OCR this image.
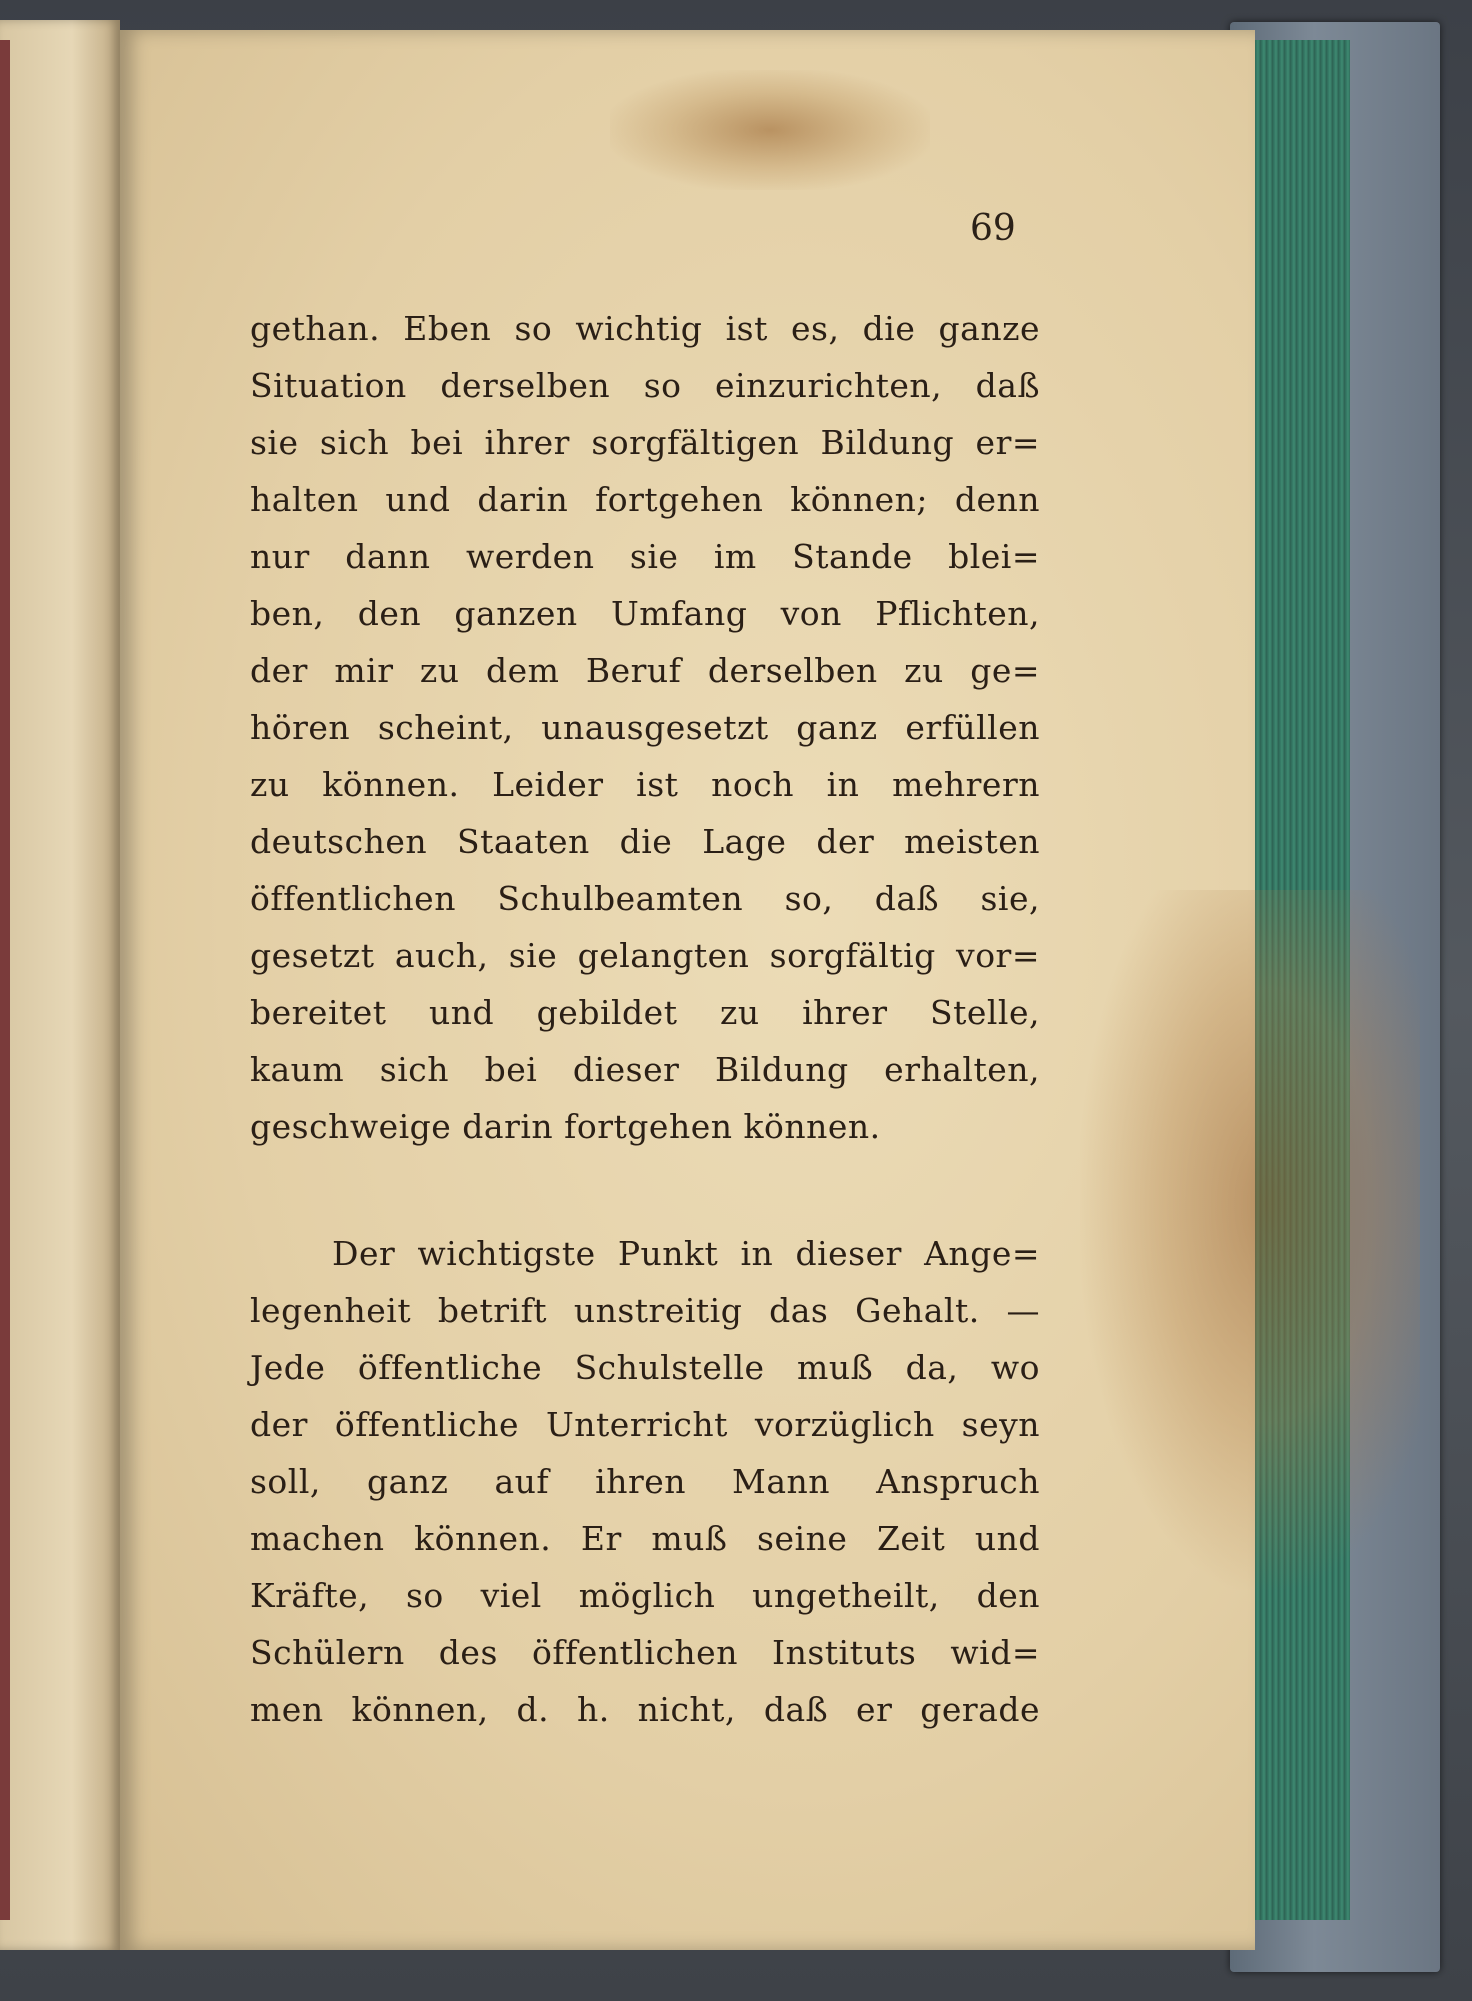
69
gethan. Eben so wichtig ist es, die ganze
Situation derselben so einzurichten, daß
sie sich bei ihrer sorgfältigen Bildung er=
halten und darin fortgehen können; denn
nur dann werden sie im Stande blei=
ben, den ganzen Umfang von Pflichten,
der mir zu dem Beruf derselben zu ge=
hören scheint, unausgesetzt ganz erfüllen
zu können. Leider ist noch in mehrern
deutschen Staaten die Lage der meisten
öffentlichen Schulbeamten so, daß sie,
gesetzt auch, sie gelangten sorgfältig vor=
bereitet und gebildet zu ihrer Stelle,
kaum sich bei dieser Bildung erhalten,
geschweige darin fortgehen können.
Der wichtigste Punkt in dieser Ange=
legenheit betrift unstreitig das Gehalt. —
Jede öffentliche Schulstelle muß da, wo
der öffentliche Unterricht vorzüglich seyn
soll, ganz auf ihren Mann Anspruch
machen können. Er muß seine Zeit und
Kräfte, so viel möglich ungetheilt, den
Schülern des öffentlichen Instituts wid=
men können, d. h. nicht, daß er gerade
